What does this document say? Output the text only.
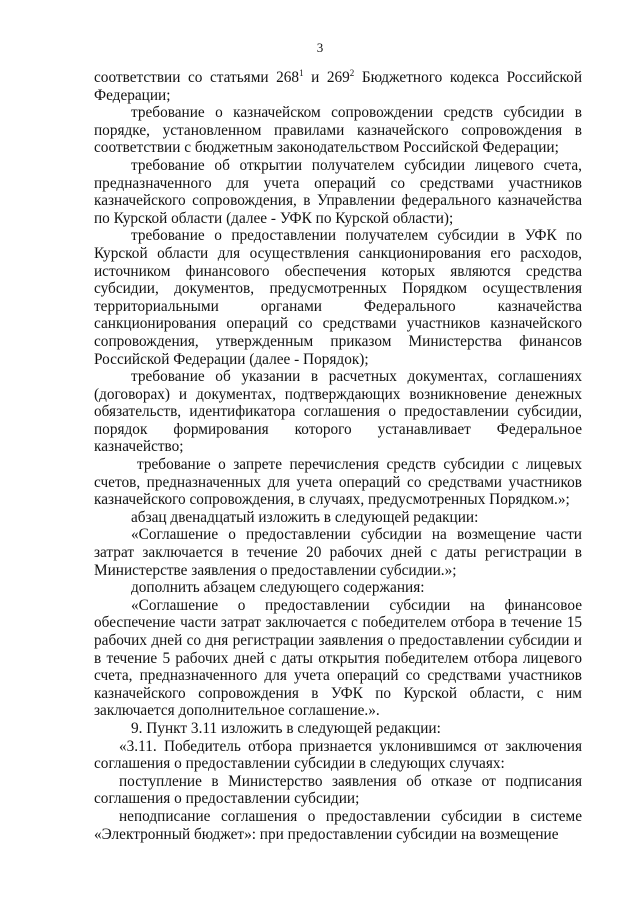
3

соответствии со статьями $268^1$ и $269^2$ Бюджетного кодекса Российской Федерации;

требование о казначейском сопровождении средств субсидии в порядке, установленном правилами казначейского сопровождения в соответствии с бюджетным законодательством Российской Федерации;

требование об открытии получателем субсидии лицевого счета, предназначенного для учета операций со средствами участников казначейского сопровождения, в Управлении федерального казначейства по Курской области (далее - УФК по Курской области);

требование о предоставлении получателем субсидии в УФК по Курской области для осуществления санкционирования его расходов, источником финансового обеспечения которых являются средства субсидии, документов, предусмотренных Порядком осуществления территориальными органами Федерального казначейства санкционирования операций со средствами участников казначейского сопровождения, утвержденным приказом Министерства финансов Российской Федерации (далее - Порядок);

требование об указании в расчетных документах, соглашениях (договорах) и документах, подтверждающих возникновение денежных обязательств, идентификатора соглашения о предоставлении субсидии, порядок формирования которого устанавливает Федеральное казначейство;

требование о запрете перечисления средств субсидии с лицевых счетов, предназначенных для учета операций со средствами участников казначейского сопровождения, в случаях, предусмотренных Порядком.»;

абзац двенадцатый изложить в следующей редакции:

«Соглашение о предоставлении субсидии на возмещение части затрат заключается в течение 20 рабочих дней с даты регистрации в Министерстве заявления о предоставлении субсидии.»;

дополнить абзацем следующего содержания:

«Соглашение о предоставлении субсидии на финансовое обеспечение части затрат заключается с победителем отбора в течение 15 рабочих дней со дня регистрации заявления о предоставлении субсидии и в течение 5 рабочих дней с даты открытия победителем отбора лицевого счета, предназначенного для учета операций со средствами участников казначейского сопровождения в УФК по Курской области, с ним заключается дополнительное соглашение.».

9. Пункт 3.11 изложить в следующей редакции:

«3.11. Победитель отбора признается уклонившимся от заключения соглашения о предоставлении субсидии в следующих случаях:

поступление в Министерство заявления об отказе от подписания соглашения о предоставлении субсидии;

неподписание соглашения о предоставлении субсидии в системе «Электронный бюджет»: при предоставлении субсидии на возмещение
